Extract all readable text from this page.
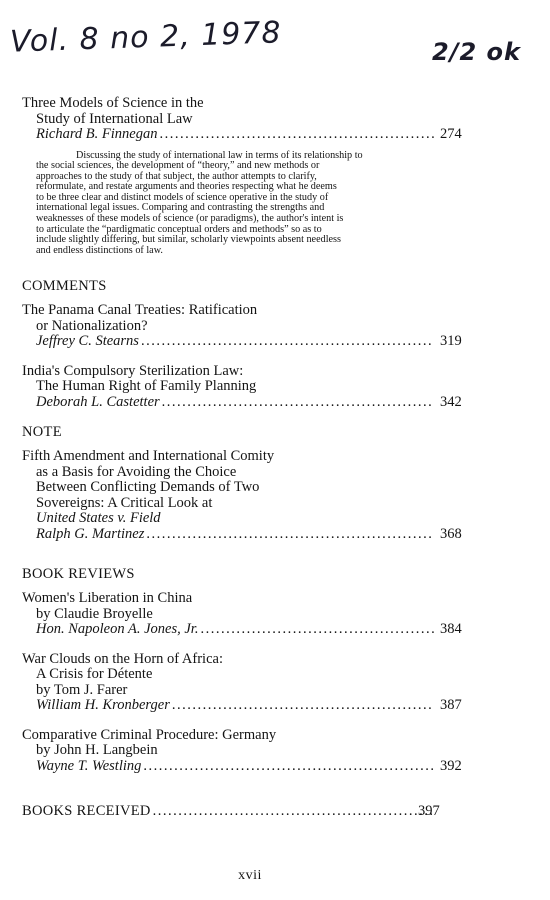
Vol. 8 no 2, 1978	2/2 ok
Three Models of Science in the
Study of International Law
Richard B. Finnegan .....	274
Discussing the study of international law in terms of its relationship to
the social sciences, the development of “theory,” and new methods or
approaches to the study of that subject, the author attempts to clarify,
reformulate, and restate arguments and theories respecting what he deems
to be three clear and distinct models of science operative in the study of
international legal issues. Comparing and contrasting the strengths and
weaknesses of these models of science (or paradigms), the author's intent is
to articulate the “pardigmatic conceptual orders and methods” so as to
include slightly differing, but similar, scholarly viewpoints absent needless
and endless distinctions of law.
COMMENTS
The Panama Canal Treaties: Ratification
or Nationalization?
Jeffrey C. Stearns .....	319
India's Compulsory Sterilization Law:
The Human Right of Family Planning
Deborah L. Castetter .....	342
NOTE
Fifth Amendment and International Comity
as a Basis for Avoiding the Choice
Between Conflicting Demands of Two
Sovereigns: A Critical Look at
United States v. Field
Ralph G. Martinez .....	368
BOOK REVIEWS
Women's Liberation in China
by Claudie Broyelle
Hon. Napoleon A. Jones, Jr. .....	384
War Clouds on the Horn of Africa:
A Crisis for Détente
by Tom J. Farer
William H. Kronberger .....	387
Comparative Criminal Procedure: Germany
by John H. Langbein
Wayne T. Westling .....	392
BOOKS RECEIVED .....	397
xvii
